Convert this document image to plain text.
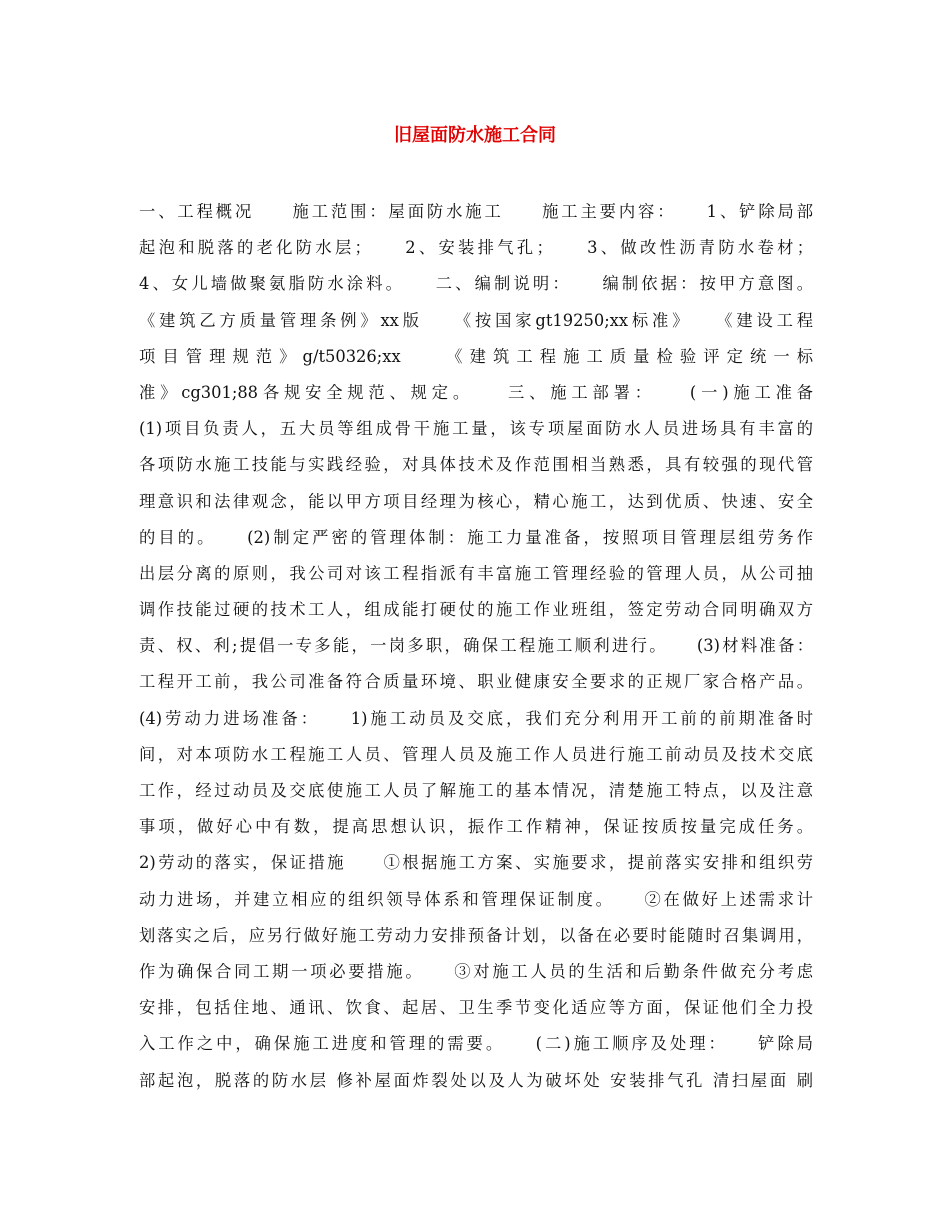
旧屋面防水施工合同
一、工程概况　　施工范围：屋面防水施工　　施工主要内容：　　1、铲除局部
起泡和脱落的老化防水层；　　2、安装排气孔；　　3、做改性沥青防水卷材；
4、女儿墙做聚氨脂防水涂料。　　二、编制说明：　　编制依据：按甲方意图。
《建筑乙方质量管理条例》xx版　　《按国家gt19250;xx标准》　　《建设工程
项目管理规范》g/t50326;xx　　《建筑工程施工质量检验评定统一标
准》cg301;88各规安全规范、规定。　　三、施工部署：　　(一)施工准备
(1)项目负责人，五大员等组成骨干施工量，该专项屋面防水人员进场具有丰富的
各项防水施工技能与实践经验，对具体技术及作范围相当熟悉，具有较强的现代管
理意识和法律观念，能以甲方项目经理为核心，精心施工，达到优质、快速、安全
的目的。　　(2)制定严密的管理体制：施工力量准备，按照项目管理层组劳务作
出层分离的原则，我公司对该工程指派有丰富施工管理经验的管理人员，从公司抽
调作技能过硬的技术工人，组成能打硬仗的施工作业班组，签定劳动合同明确双方
责、权、利;提倡一专多能，一岗多职，确保工程施工顺利进行。　　(3)材料准备：
工程开工前，我公司准备符合质量环境、职业健康安全要求的正规厂家合格产品。
(4)劳动力进场准备：　　1)施工动员及交底，我们充分利用开工前的前期准备时
间，对本项防水工程施工人员、管理人员及施工作人员进行施工前动员及技术交底
工作，经过动员及交底使施工人员了解施工的基本情况，清楚施工特点，以及注意
事项，做好心中有数，提高思想认识，振作工作精神，保证按质按量完成任务。
2)劳动的落实，保证措施　　①根据施工方案、实施要求，提前落实安排和组织劳
动力进场，并建立相应的组织领导体系和管理保证制度。　　②在做好上述需求计
划落实之后，应另行做好施工劳动力安排预备计划，以备在必要时能随时召集调用，
作为确保合同工期一项必要措施。　　③对施工人员的生活和后勤条件做充分考虑
安排，包括住地、通讯、饮食、起居、卫生季节变化适应等方面，保证他们全力投
入工作之中，确保施工进度和管理的需要。　　(二)施工顺序及处理：　　铲除局
部起泡，脱落的防水层 修补屋面炸裂处以及人为破坏处 安装排气孔 清扫屋面 刷
